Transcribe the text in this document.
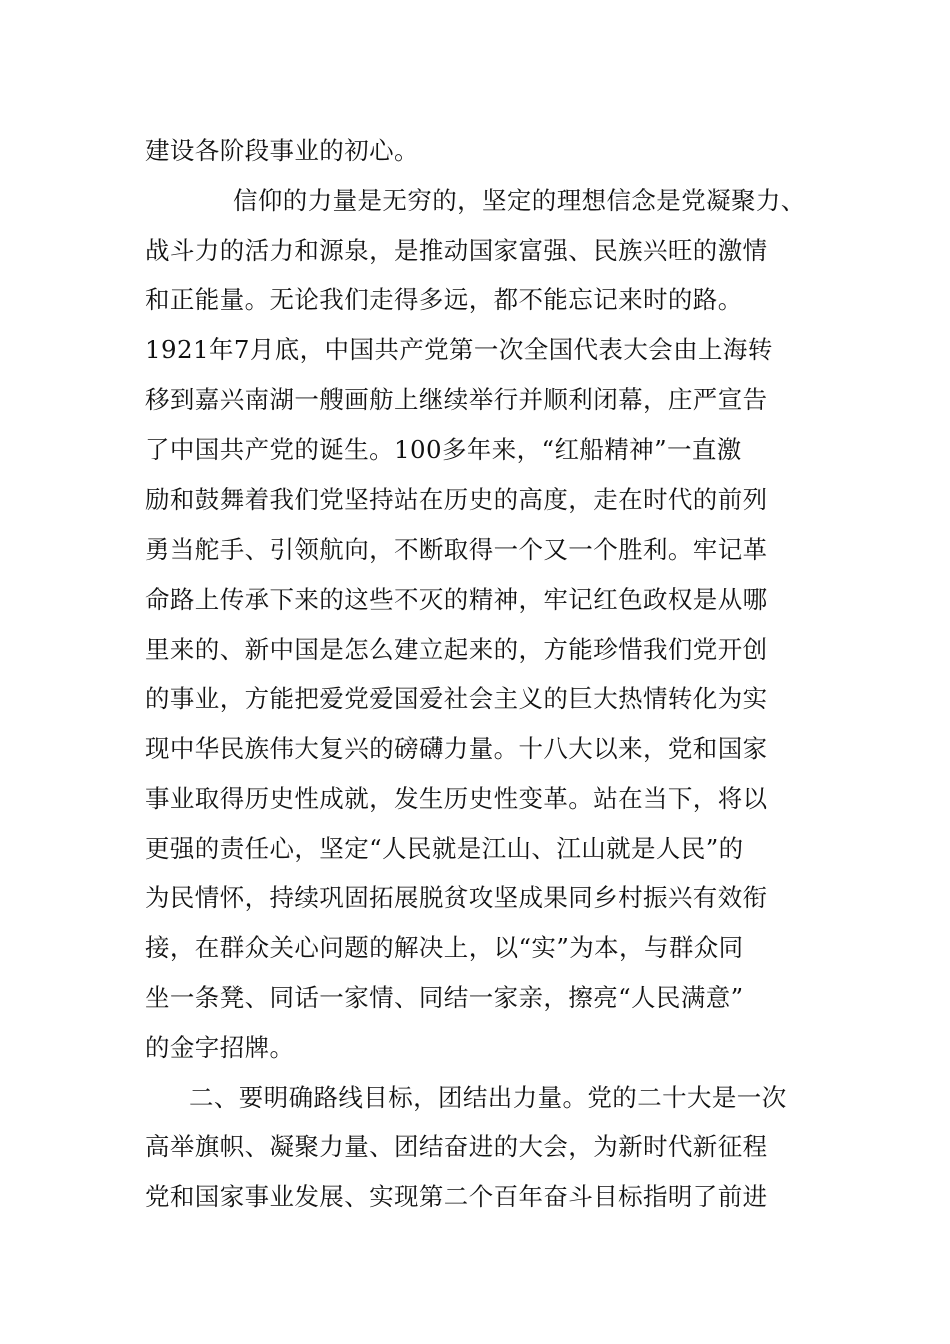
建设各阶段事业的初心。
信仰的力量是无穷的，坚定的理想信念是党凝聚力、
战斗力的活力和源泉，是推动国家富强、民族兴旺的激情
和正能量。无论我们走得多远，都不能忘记来时的路。
1921年7月底，中国共产党第一次全国代表大会由上海转
移到嘉兴南湖一艘画舫上继续举行并顺利闭幕，庄严宣告
了中国共产党的诞生。100多年来，“红船精神”一直激
励和鼓舞着我们党坚持站在历史的高度，走在时代的前列
勇当舵手、引领航向，不断取得一个又一个胜利。牢记革
命路上传承下来的这些不灭的精神，牢记红色政权是从哪
里来的、新中国是怎么建立起来的，方能珍惜我们党开创
的事业，方能把爱党爱国爱社会主义的巨大热情转化为实
现中华民族伟大复兴的磅礴力量。十八大以来，党和国家
事业取得历史性成就，发生历史性变革。站在当下，将以
更强的责任心，坚定“人民就是江山、江山就是人民”的
为民情怀，持续巩固拓展脱贫攻坚成果同乡村振兴有效衔
接，在群众关心问题的解决上，以“实”为本，与群众同
坐一条凳、同话一家情、同结一家亲，擦亮“人民满意”
的金字招牌。
二、要明确路线目标，团结出力量。党的二十大是一次
高举旗帜、凝聚力量、团结奋进的大会，为新时代新征程
党和国家事业发展、实现第二个百年奋斗目标指明了前进
